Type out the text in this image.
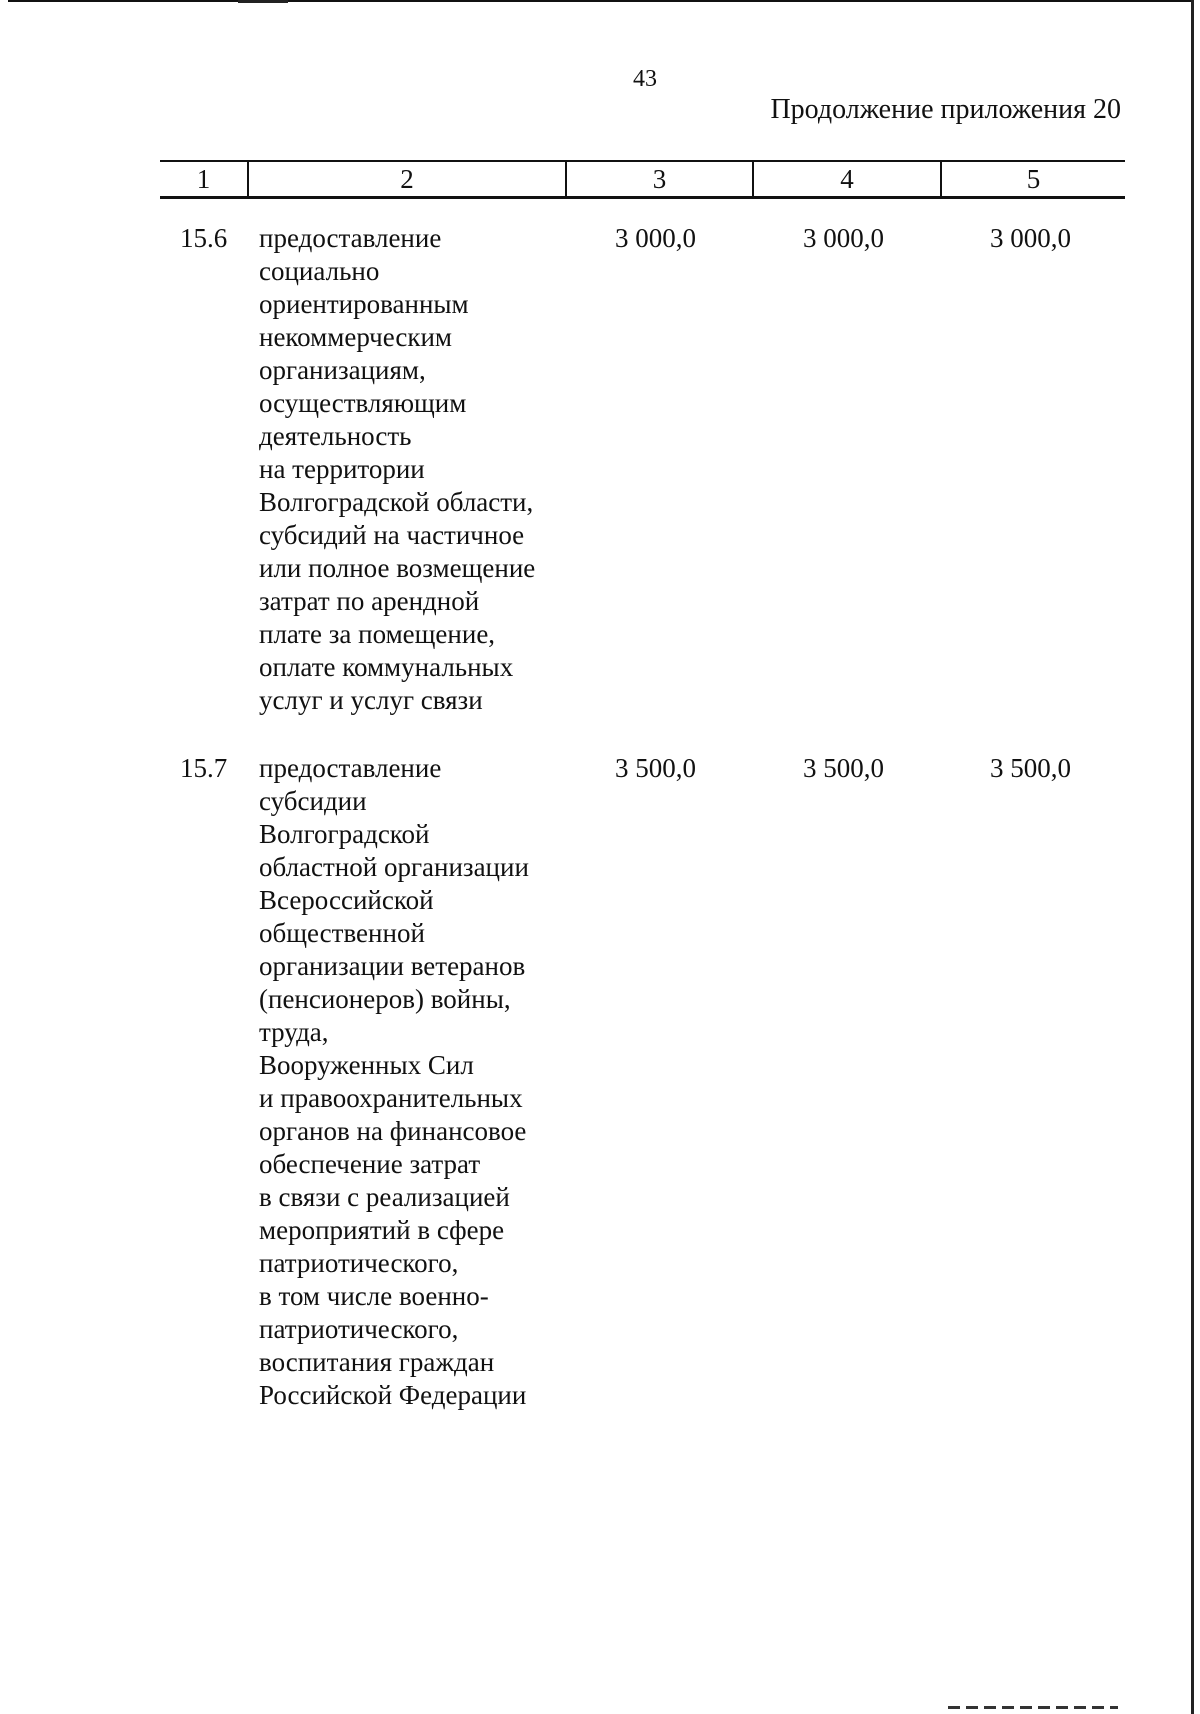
43
Продолжение приложения 20
1	2	3	4	5
15.6 предоставление
социально
ориентированным
некоммерческим
организациям,
осуществляющим
деятельность
на территории
Волгоградской области,
субсидий на частичное
или полное возмещение
затрат по арендной
плате за помещение,
оплате коммунальных
услуг и услуг связи
3 000,0	3 000,0	3 000,0
15.7 предоставление
субсидии
Волгоградской
областной организации
Всероссийской
общественной
организации ветеранов
(пенсионеров) войны,
труда,
Вооруженных Сил
и правоохранительных
органов на финансовое
обеспечение затрат
в связи с реализацией
мероприятий в сфере
патриотического,
в том числе военно-
патриотического,
воспитания граждан
Российской Федерации
3 500,0	3 500,0	3 500,0
